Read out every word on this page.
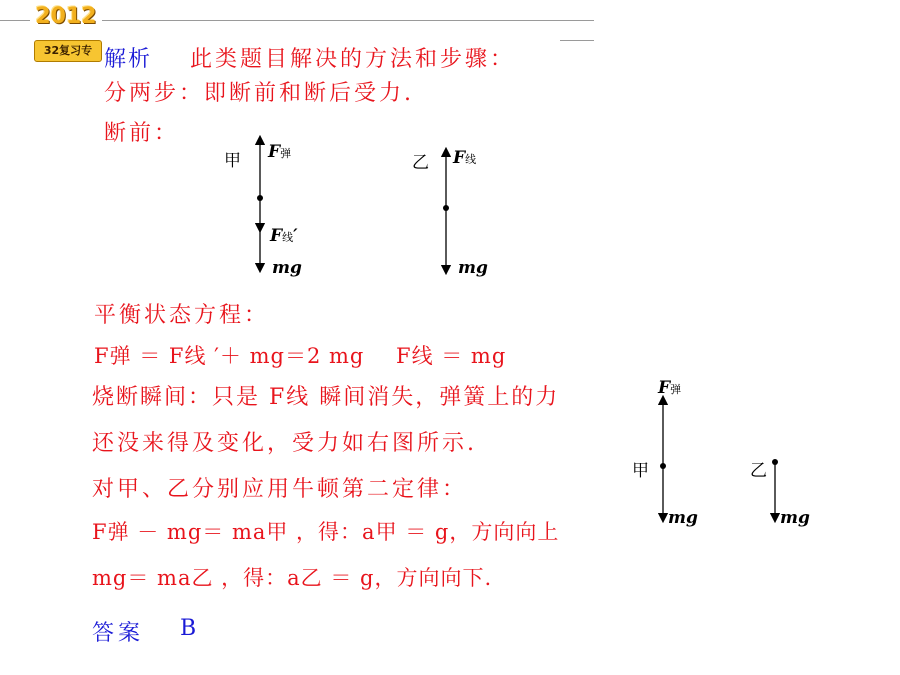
2012
32复习专 解析 此类题目解决的方法和步骤：
分两步：即断前和断后受力.
断前：
甲 F弹
F线′
mg
乙 F线
mg
平衡状态方程：
F弹 ＝ F线 ′＋ mg＝2 mg F线 ＝ mg
烧断瞬间：只是 F线 瞬间消失，弹簧上的力
还没来得及变化，受力如右图所示.
对甲、乙分别应用牛顿第二定律：
F弹 － mg＝ ma甲 ，得：a甲 ＝ g，方向向上
mg＝ ma乙 ，得：a乙 ＝ g，方向向下.
F弹
甲	乙
mg	mg
答案 B
